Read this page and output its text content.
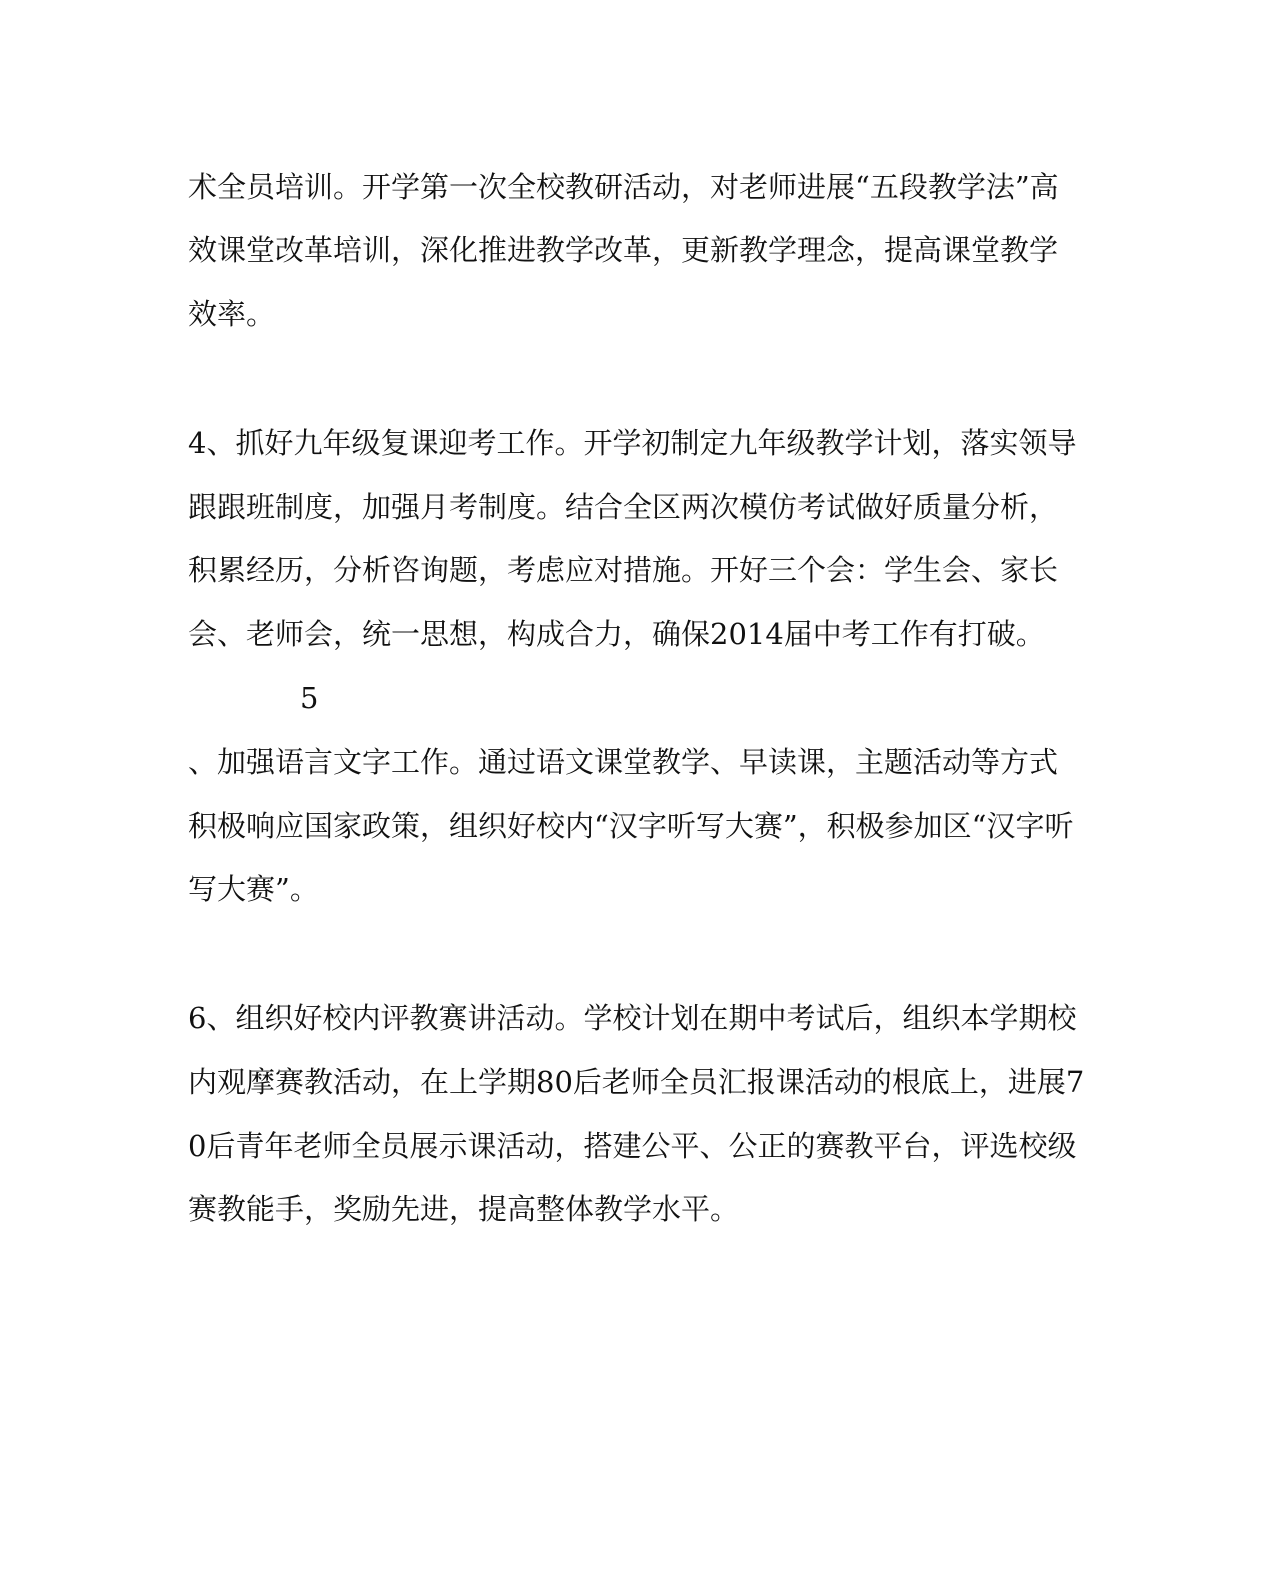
术全员培训。开学第一次全校教研活动，对老师进展“五段教学法”高
效课堂改革培训，深化推进教学改革，更新教学理念，提高课堂教学
效率。
4、抓好九年级复课迎考工作。开学初制定九年级教学计划，落实领导
跟跟班制度，加强月考制度。结合全区两次模仿考试做好质量分析，
积累经历，分析咨询题，考虑应对措施。开好三个会：学生会、家长
会、老师会，统一思想，构成合力，确保2014届中考工作有打破。
5
、加强语言文字工作。通过语文课堂教学、早读课，主题活动等方式
积极响应国家政策，组织好校内“汉字听写大赛”，积极参加区“汉字听
写大赛”。
6、组织好校内评教赛讲活动。学校计划在期中考试后，组织本学期校
内观摩赛教活动，在上学期80后老师全员汇报课活动的根底上，进展7
0后青年老师全员展示课活动，搭建公平、公正的赛教平台，评选校级
赛教能手，奖励先进，提高整体教学水平。
